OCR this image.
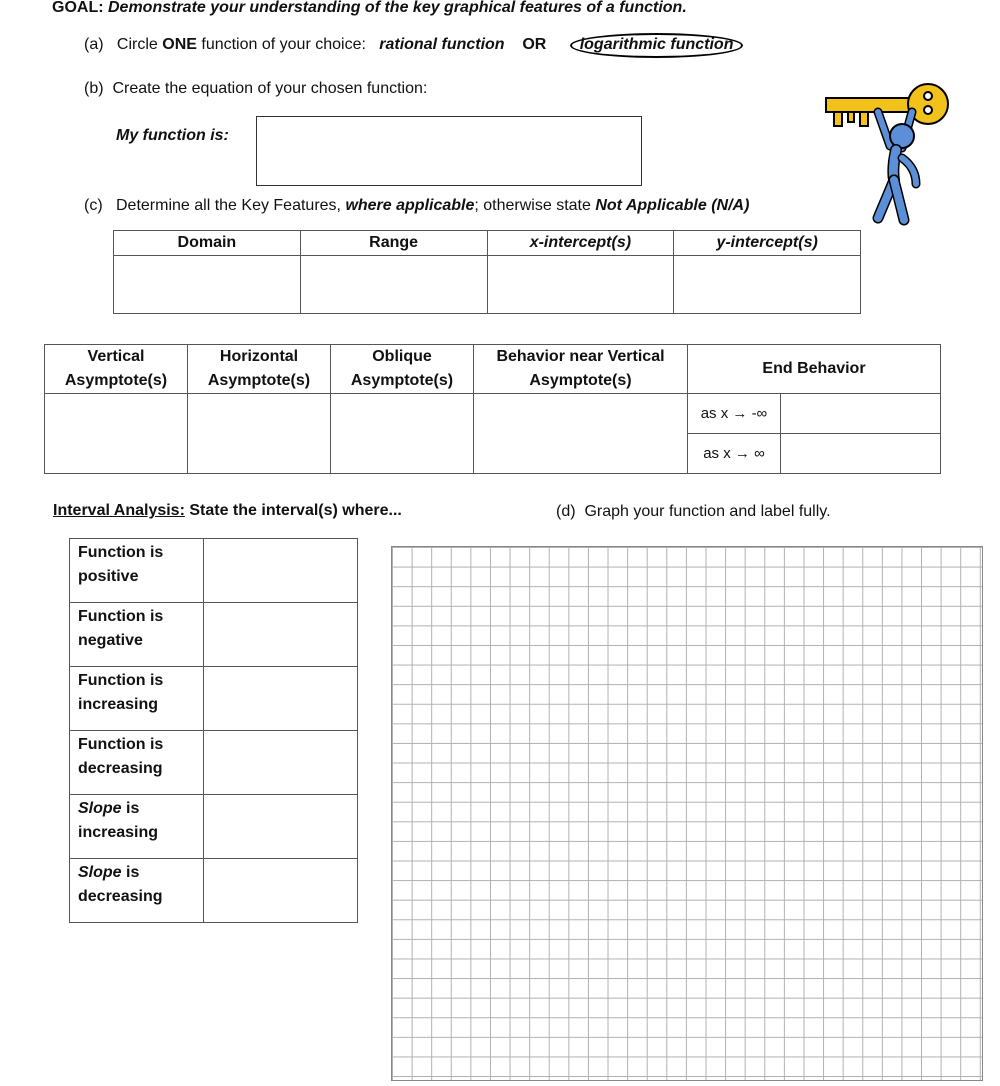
GOAL: Demonstrate your understanding of the key graphical features of a function.
(a) Circle ONE function of your choice: rational function OR logarithmic function
(b) Create the equation of your chosen function:
My function is:
(c) Determine all the Key Features, where applicable; otherwise state Not Applicable (N/A)
Domain	Range	x-intercept(s)	y-intercept(s)

Vertical Asymptote(s)	Horizontal Asymptote(s)	Oblique Asymptote(s)	Behavior near Vertical Asymptote(s)	End Behavior	
				as x → -∞	
				as x → ∞	
Interval Analysis: State the interval(s) where...	(d) Graph your function and label fully.
Function is positive	
Function is negative	
Function is increasing	
Function is decreasing	
Slope is increasing	
Slope is decreasing	
